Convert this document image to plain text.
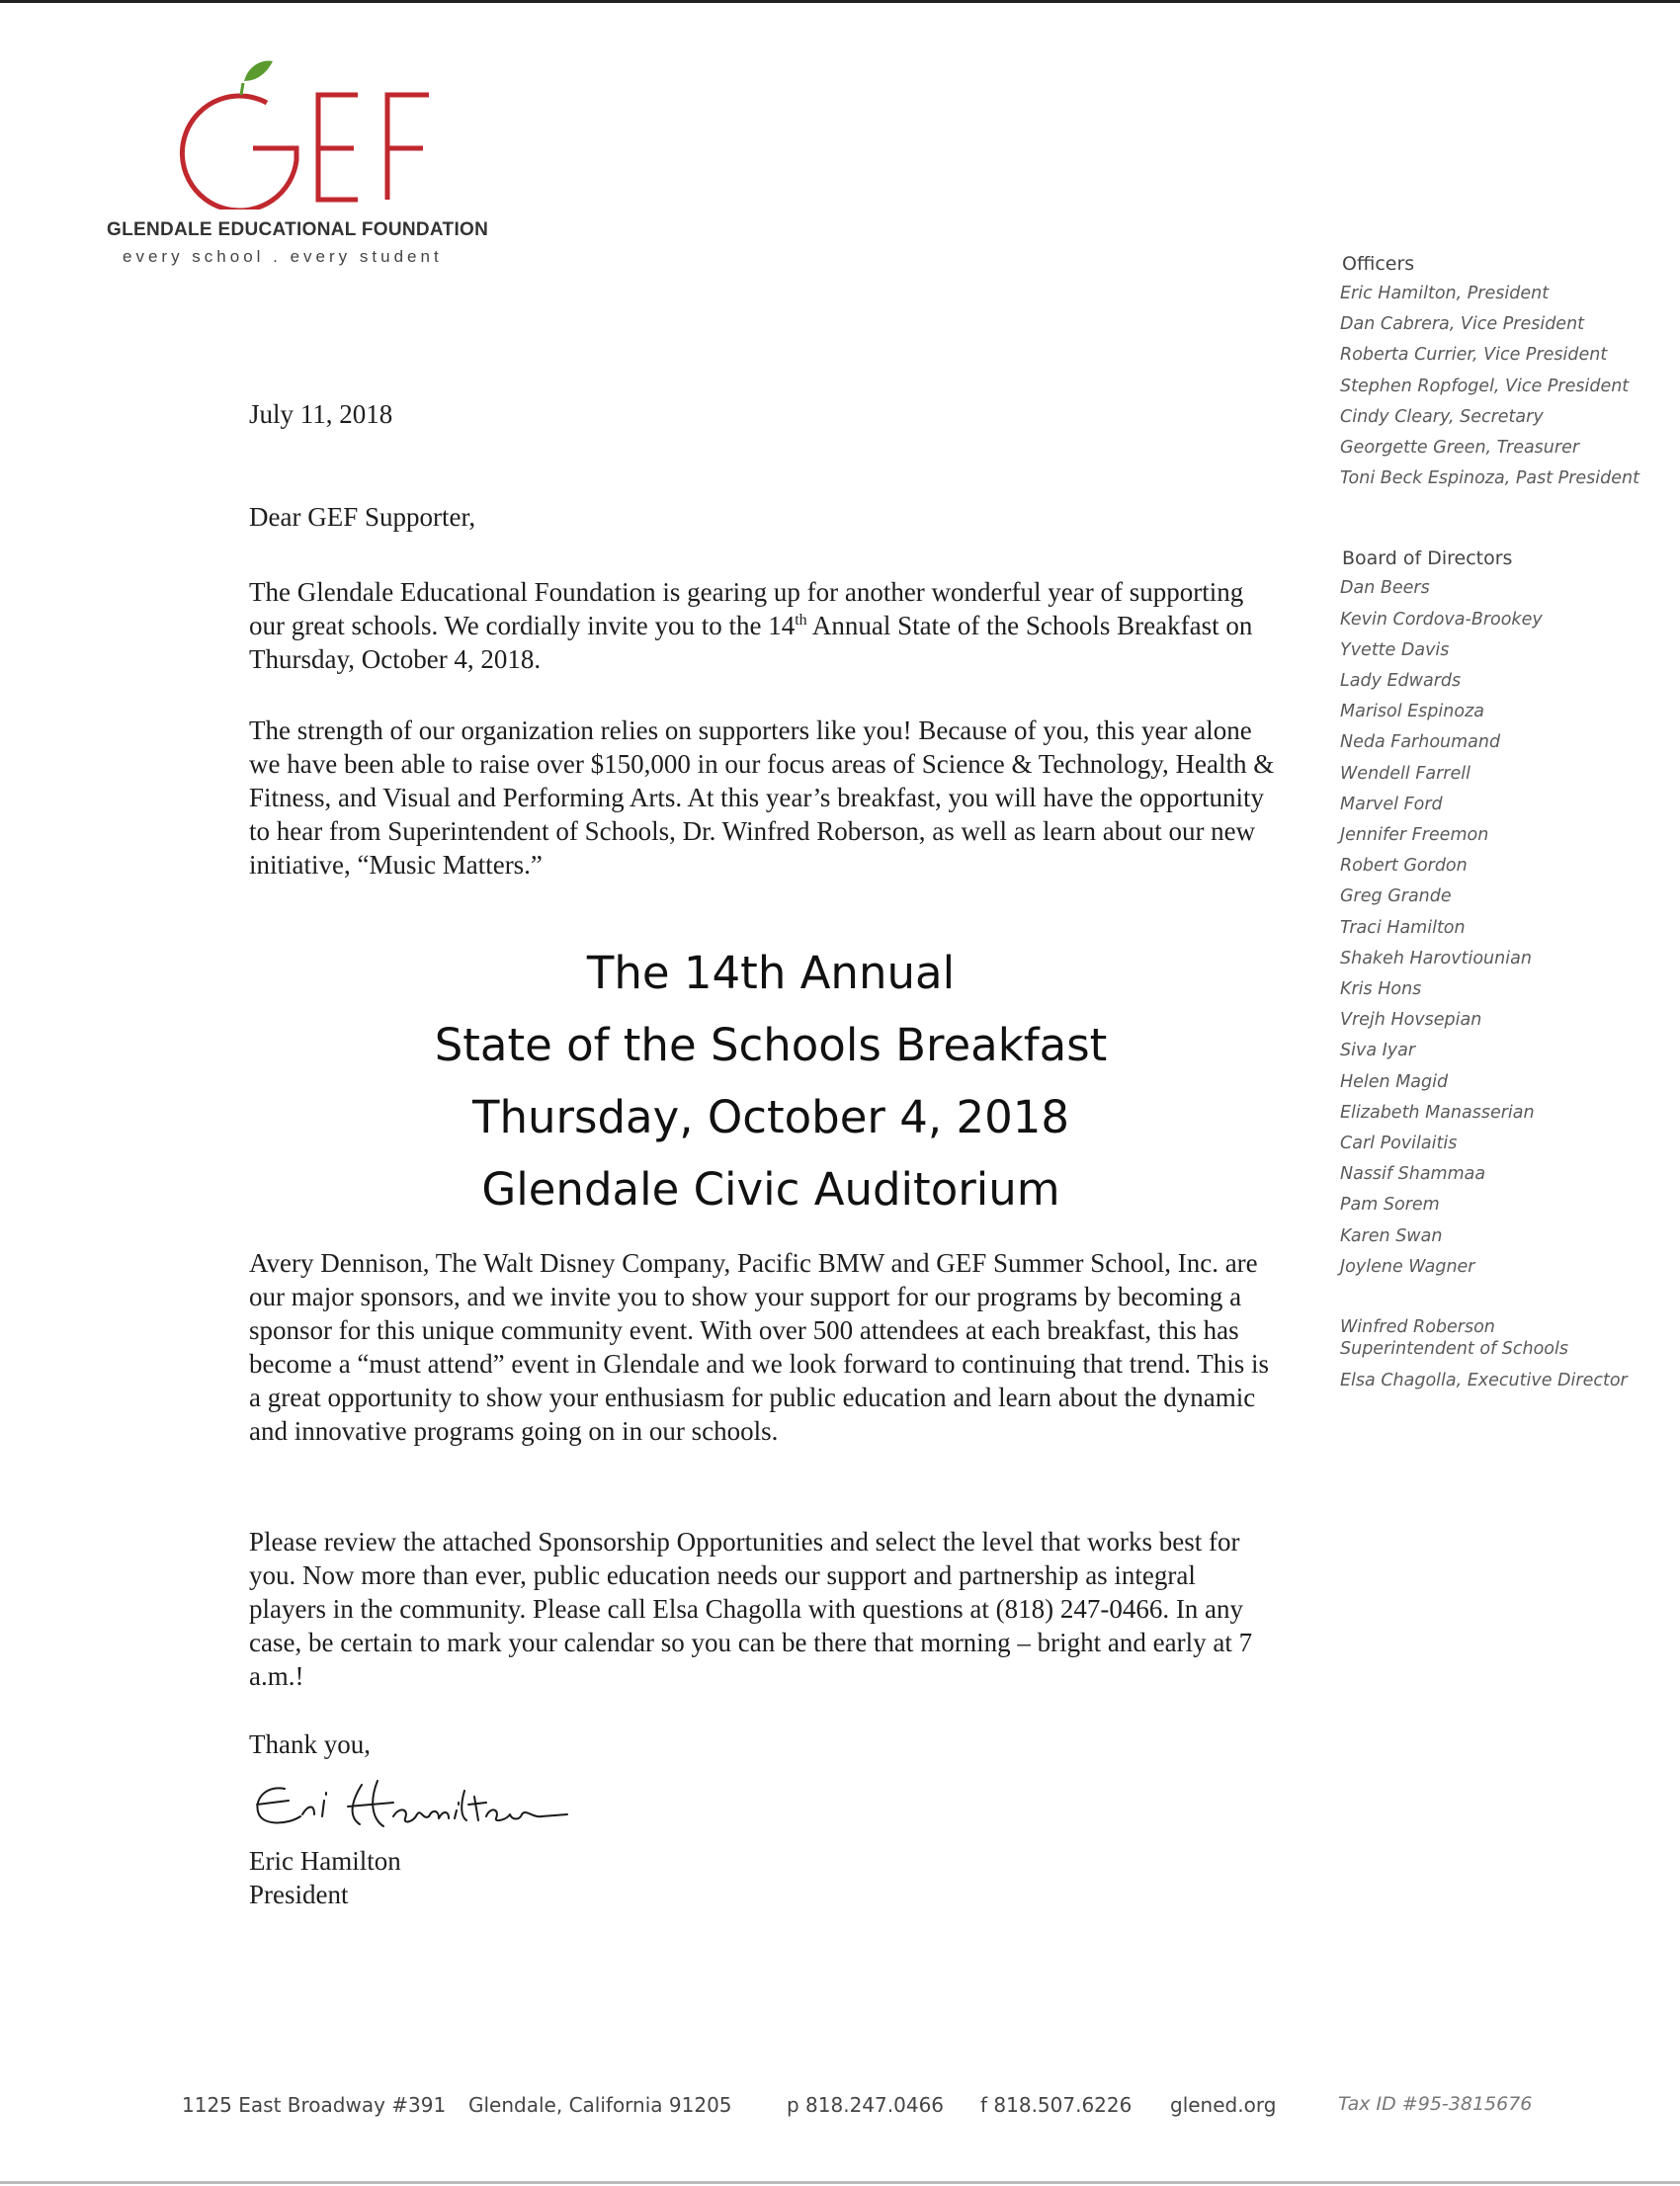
GLENDALE EDUCATIONAL FOUNDATION
every school . every student	Officers
Eric Hamilton, President
Dan Cabrera, Vice President
Roberta Currier, Vice President
Stephen Ropfogel, Vice President
Cindy Cleary, Secretary
Georgette Green, Treasurer
Toni Beck Espinoza, Past President
Board of Directors
Dan Beers
Kevin Cordova-Brookey
Yvette Davis
Lady Edwards
Marisol Espinoza
Neda Farhoumand
Wendell Farrell
Marvel Ford
Jennifer Freemon
Robert Gordon
Greg Grande
Traci Hamilton
Shakeh Harovtiounian
Kris Hons
Vrejh Hovsepian
Siva Iyar
Helen Magid
Elizabeth Manasserian
Carl Povilaitis
Nassif Shammaa
Pam Sorem
Karen Swan
Joylene Wagner
Winfred Roberson
Superintendent of Schools
Elsa Chagolla, Executive Director
July 11, 2018
Dear GEF Supporter,

The Glendale Educational Foundation is gearing up for another wonderful year of supporting our great schools. We cordially invite you to the 14th Annual State of the Schools Breakfast on Thursday, October 4, 2018.

The strength of our organization relies on supporters like you! Because of you, this year alone we have been able to raise over $150,000 in our focus areas of Science & Technology, Health & Fitness, and Visual and Performing Arts. At this year’s breakfast, you will have the opportunity to hear from Superintendent of Schools, Dr. Winfred Roberson, as well as learn about our new initiative, “Music Matters.”

The 14th Annual
State of the Schools Breakfast
Thursday, October 4, 2018
Glendale Civic Auditorium

Avery Dennison, The Walt Disney Company, Pacific BMW and GEF Summer School, Inc. are our major sponsors, and we invite you to show your support for our programs by becoming a sponsor for this unique community event. With over 500 attendees at each breakfast, this has become a “must attend” event in Glendale and we look forward to continuing that trend. This is a great opportunity to show your enthusiasm for public education and learn about the dynamic and innovative programs going on in our schools.

Please review the attached Sponsorship Opportunities and select the level that works best for you. Now more than ever, public education needs our support and partnership as integral players in the community. Please call Elsa Chagolla with questions at (818) 247-0466. In any case, be certain to mark your calendar so you can be there that morning – bright and early at 7 a.m.!

Thank you,
Eric Hamilton
President
1125 East Broadway #391 Glendale, California 91205	p 818.247.0466 f 818.507.6226 glened.org	Tax ID #95-3815676
